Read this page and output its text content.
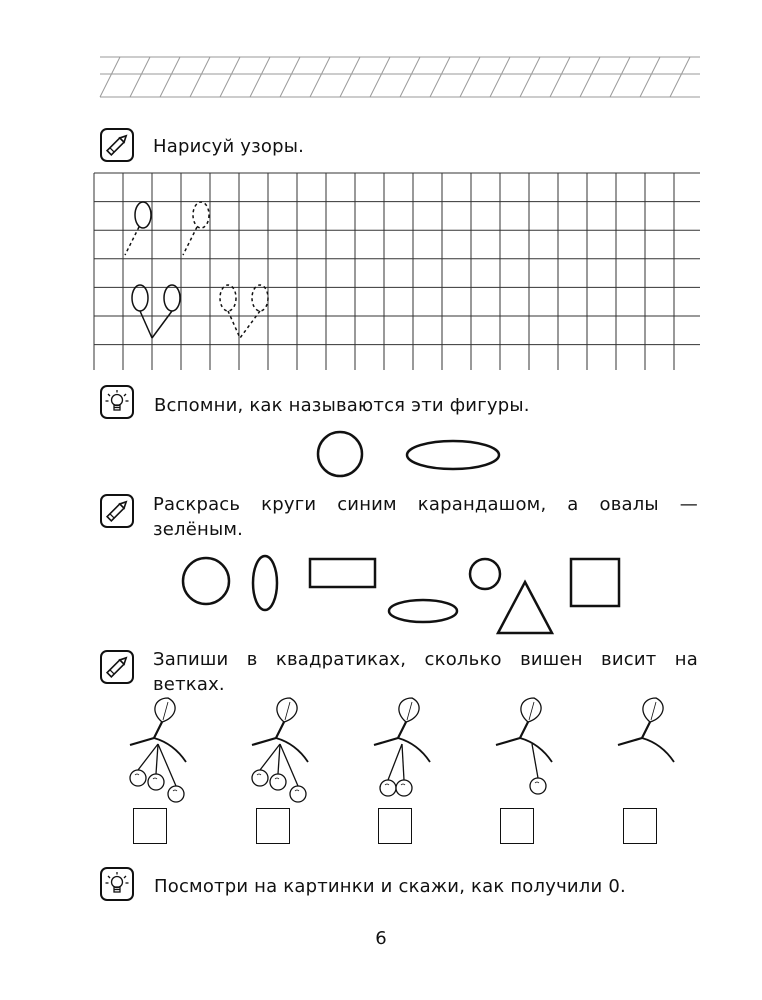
Нарисуй узоры.
Вспомни, как называются эти фигуры.
Раскрась круги синим карандашом, а овалы — зелёным.
Запиши в квадратиках, сколько вишен висит на ветках.
Посмотри на картинки и скажи, как получили 0.
6
